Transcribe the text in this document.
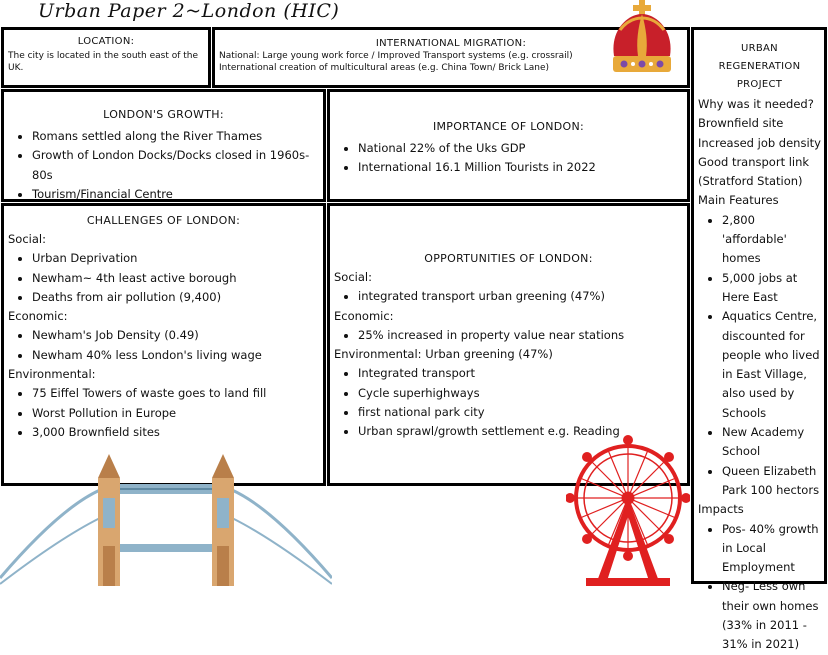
Urban Paper 2~London (HIC)
LOCATION:
The city is located in the south east of the UK.
INTERNATIONAL MIGRATION:
National: Large young work force / Improved Transport systems (e.g. crossrail)
International creation of multicultural areas (e.g. China Town/ Brick Lane)
LONDON'S GROWTH:
• Romans settled along the River Thames
• Growth of London Docks/Docks closed in 1960s-80s
• Tourism/Financial Centre
IMPORTANCE OF LONDON:
• National 22% of the Uks GDP
• International 16.1 Million Tourists in 2022
CHALLENGES OF LONDON:
Social:
• Urban Deprivation
• Newham~ 4th least active borough
• Deaths from air pollution (9,400)
Economic:
• Newham's Job Density (0.49)
• Newham 40% less London's living wage
Environmental:
• 75 Eiffel Towers of waste goes to land fill
• Worst Pollution in Europe
• 3,000 Brownfield sites
OPPORTUNITIES OF LONDON:
Social:
• integrated transport urban greening (47%)
Economic:
• 25% increased in property value near stations
Environmental: Urban greening (47%)
• Integrated transport
• Cycle superhighways
• first national park city
• Urban sprawl/growth settlement e.g. Reading
URBAN REGENERATION PROJECT
Why was it needed?
Brownfield site
Increased job density
Good transport link (Stratford Station)
Main Features
• 2,800 'affordable' homes
• 5,000 jobs at Here East
• Aquatics Centre, discounted for people who lived in East Village, also used by Schools
• New Academy School
• Queen Elizabeth Park 100 hectors
Impacts
• Pos- 40% growth in Local Employment
• Neg- Less own their own homes (33% in 2011 - 31% in 2021)
